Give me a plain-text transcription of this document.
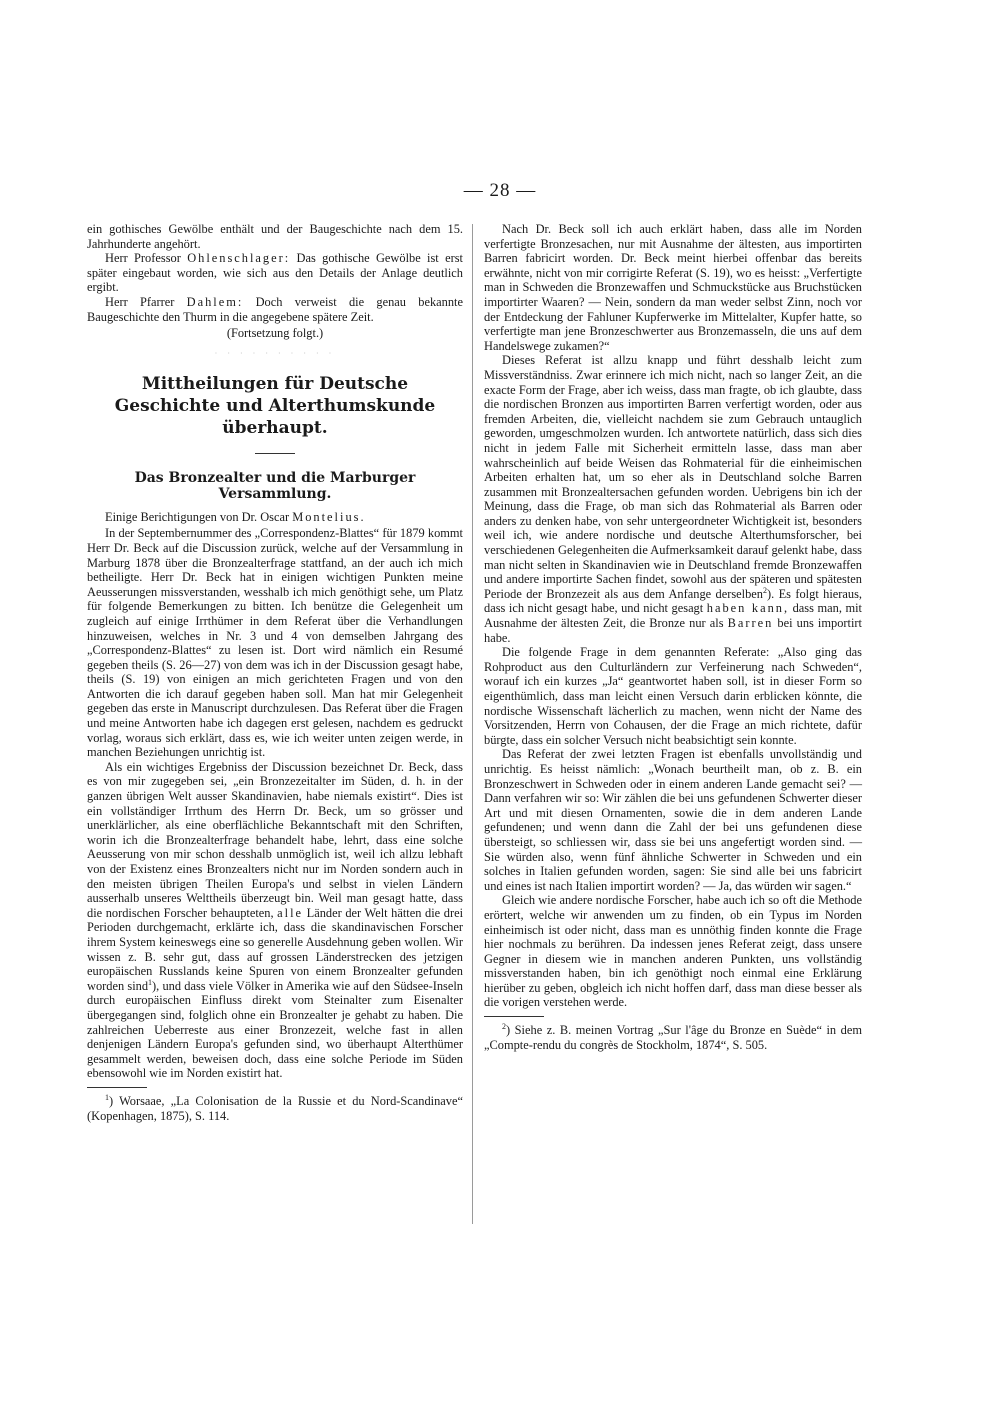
— 28 —

ein gothisches Gewölbe enthält und der Baugeschichte nach dem 15. Jahrhunderte angehört.

Herr Professor Ohlenschlager: Das gothische Gewölbe ist erst später eingebaut worden, wie sich aus den Details der Anlage deutlich ergibt.

Herr Pfarrer Dahlem: Doch verweist die genau bekannte Baugeschichte den Thurm in die angegebene spätere Zeit.

(Fortsetzung folgt.)

· · · · · · · · · ·
Mittheilungen für Deutsche Geschichte und Alterthumskunde überhaupt.
Das Bronzealter und die Marburger Versammlung.

Einige Berichtigungen von Dr. Oscar Montelius.

In der Septembernummer des „Correspondenz-Blattes“ für 1879 kommt Herr Dr. Beck auf die Discussion zurück, welche auf der Versammlung in Marburg 1878 über die Bronzealterfrage stattfand, an der auch ich mich betheiligte. Herr Dr. Beck hat in einigen wichtigen Punkten meine Aeusserungen missverstanden, wesshalb ich mich genöthigt sehe, um Platz für folgende Bemerkungen zu bitten. Ich benütze die Gelegenheit um zugleich auf einige Irrthümer in dem Referat über die Verhandlungen hinzuweisen, welches in Nr. 3 und 4 von demselben Jahrgang des „Correspondenz-Blattes“ zu lesen ist. Dort wird nämlich ein Resumé gegeben theils (S. 26—27) von dem was ich in der Discussion gesagt habe, theils (S. 19) von einigen an mich gerichteten Fragen und von den Antworten die ich darauf gegeben haben soll. Man hat mir Gelegenheit gegeben das erste in Manuscript durchzulesen. Das Referat über die Fragen und meine Antworten habe ich dagegen erst gelesen, nachdem es gedruckt vorlag, woraus sich erklärt, dass es, wie ich weiter unten zeigen werde, in manchen Beziehungen unrichtig ist.

Als ein wichtiges Ergebniss der Discussion bezeichnet Dr. Beck, dass es von mir zugegeben sei, „ein Bronzezeitalter im Süden, d. h. in der ganzen übrigen Welt ausser Skandinavien, habe niemals existirt“. Dies ist ein vollständiger Irrthum des Herrn Dr. Beck, um so grösser und unerklärlicher, als eine oberflächliche Bekanntschaft mit den Schriften, worin ich die Bronzealterfrage behandelt habe, lehrt, dass eine solche Aeusserung von mir schon desshalb unmöglich ist, weil ich allzu lebhaft von der Existenz eines Bronzealters nicht nur im Norden sondern auch in den meisten übrigen Theilen Europa's und selbst in vielen Ländern ausserhalb unseres Welttheils überzeugt bin. Weil man gesagt hatte, dass die nordischen Forscher behaupteten, alle Länder der Welt hätten die drei Perioden durchgemacht, erklärte ich, dass die skandinavischen Forscher ihrem System keineswegs eine so generelle Ausdehnung geben wollen. Wir wissen z. B. sehr gut, dass auf grossen Länderstrecken des jetzigen europäischen Russlands keine Spuren von einem Bronzealter gefunden worden sind$^1$), und dass viele Völker in Amerika wie auf den Südsee-Inseln durch europäischen Einfluss direkt vom Steinalter zum Eisenalter übergegangen sind, folglich ohne ein Bronzealter je gehabt zu haben. Die zahlreichen Ueberreste aus einer Bronzezeit, welche fast in allen denjenigen Ländern Europa's gefunden sind, wo überhaupt Alterthümer gesammelt werden, beweisen doch, dass eine solche Periode im Süden ebensowohl wie im Norden existirt hat.

$^1$) Worsaae, „La Colonisation de la Russie et du Nord-Scandinave“ (Kopenhagen, 1875), S. 114.

Nach Dr. Beck soll ich auch erklärt haben, dass alle im Norden verfertigte Bronzesachen, nur mit Ausnahme der ältesten, aus importirten Barren fabricirt worden. Dr. Beck meint hierbei offenbar das bereits erwähnte, nicht von mir corrigirte Referat (S. 19), wo es heisst: „Verfertigte man in Schweden die Bronzewaffen und Schmuckstücke aus Bruchstücken importirter Waaren? — Nein, sondern da man weder selbst Zinn, noch vor der Entdeckung der Fahluner Kupferwerke im Mittelalter, Kupfer hatte, so verfertigte man jene Bronzeschwerter aus Bronzemasseln, die uns auf dem Handelswege zukamen?“

Dieses Referat ist allzu knapp und führt desshalb leicht zum Missverständniss. Zwar erinnere ich mich nicht, nach so langer Zeit, an die exacte Form der Frage, aber ich weiss, dass man fragte, ob ich glaubte, dass die nordischen Bronzen aus importirten Barren verfertigt worden, oder aus fremden Arbeiten, die, vielleicht nachdem sie zum Gebrauch untauglich geworden, umgeschmolzen wurden. Ich antwortete natürlich, dass sich dies nicht in jedem Falle mit Sicherheit ermitteln lasse, dass man aber wahrscheinlich auf beide Weisen das Rohmaterial für die einheimischen Arbeiten erhalten hat, um so eher als in Deutschland solche Barren zusammen mit Bronzealtersachen gefunden worden. Uebrigens bin ich der Meinung, dass die Frage, ob man sich das Rohmaterial als Barren oder anders zu denken habe, von sehr untergeordneter Wichtigkeit ist, besonders weil ich, wie andere nordische und deutsche Alterthumsforscher, bei verschiedenen Gelegenheiten die Aufmerksamkeit darauf gelenkt habe, dass man nicht selten in Skandinavien wie in Deutschland fremde Bronzewaffen und andere importirte Sachen findet, sowohl aus der späteren und spätesten Periode der Bronzezeit als aus dem Anfange derselben$^2$). Es folgt hieraus, dass ich nicht gesagt habe, und nicht gesagt haben kann, dass man, mit Ausnahme der ältesten Zeit, die Bronze nur als Barren bei uns importirt habe.

Die folgende Frage in dem genannten Referate: „Also ging das Rohproduct aus den Culturländern zur Verfeinerung nach Schweden“, worauf ich ein kurzes „Ja“ geantwortet haben soll, ist in dieser Form so eigenthümlich, dass man leicht einen Versuch darin erblicken könnte, die nordische Wissenschaft lächerlich zu machen, wenn nicht der Name des Vorsitzenden, Herrn von Cohausen, der die Frage an mich richtete, dafür bürgte, dass ein solcher Versuch nicht beabsichtigt sein konnte.

Das Referat der zwei letzten Fragen ist ebenfalls unvollständig und unrichtig. Es heisst nämlich: „Wonach beurtheilt man, ob z. B. ein Bronzeschwert in Schweden oder in einem anderen Lande gemacht sei? — Dann verfahren wir so: Wir zählen die bei uns gefundenen Schwerter dieser Art und mit diesen Ornamenten, sowie die in dem anderen Lande gefundenen; und wenn dann die Zahl der bei uns gefundenen diese übersteigt, so schliessen wir, dass sie bei uns angefertigt worden sind. — Sie würden also, wenn fünf ähnliche Schwerter in Schweden und ein solches in Italien gefunden worden, sagen: Sie sind alle bei uns fabricirt und eines ist nach Italien importirt worden? — Ja, das würden wir sagen.“

Gleich wie andere nordische Forscher, habe auch ich so oft die Methode erörtert, welche wir anwenden um zu finden, ob ein Typus im Norden einheimisch ist oder nicht, dass man es unnöthig finden konnte die Frage hier nochmals zu berühren. Da indessen jenes Referat zeigt, dass unsere Gegner in diesem wie in manchen anderen Punkten, uns vollständig missverstanden haben, bin ich genöthigt noch einmal eine Erklärung hierüber zu geben, obgleich ich nicht hoffen darf, dass man diese besser als die vorigen verstehen werde.

$^2$) Siehe z. B. meinen Vortrag „Sur l'âge du Bronze en Suède“ in dem „Compte-rendu du congrès de Stockholm, 1874“, S. 505.
